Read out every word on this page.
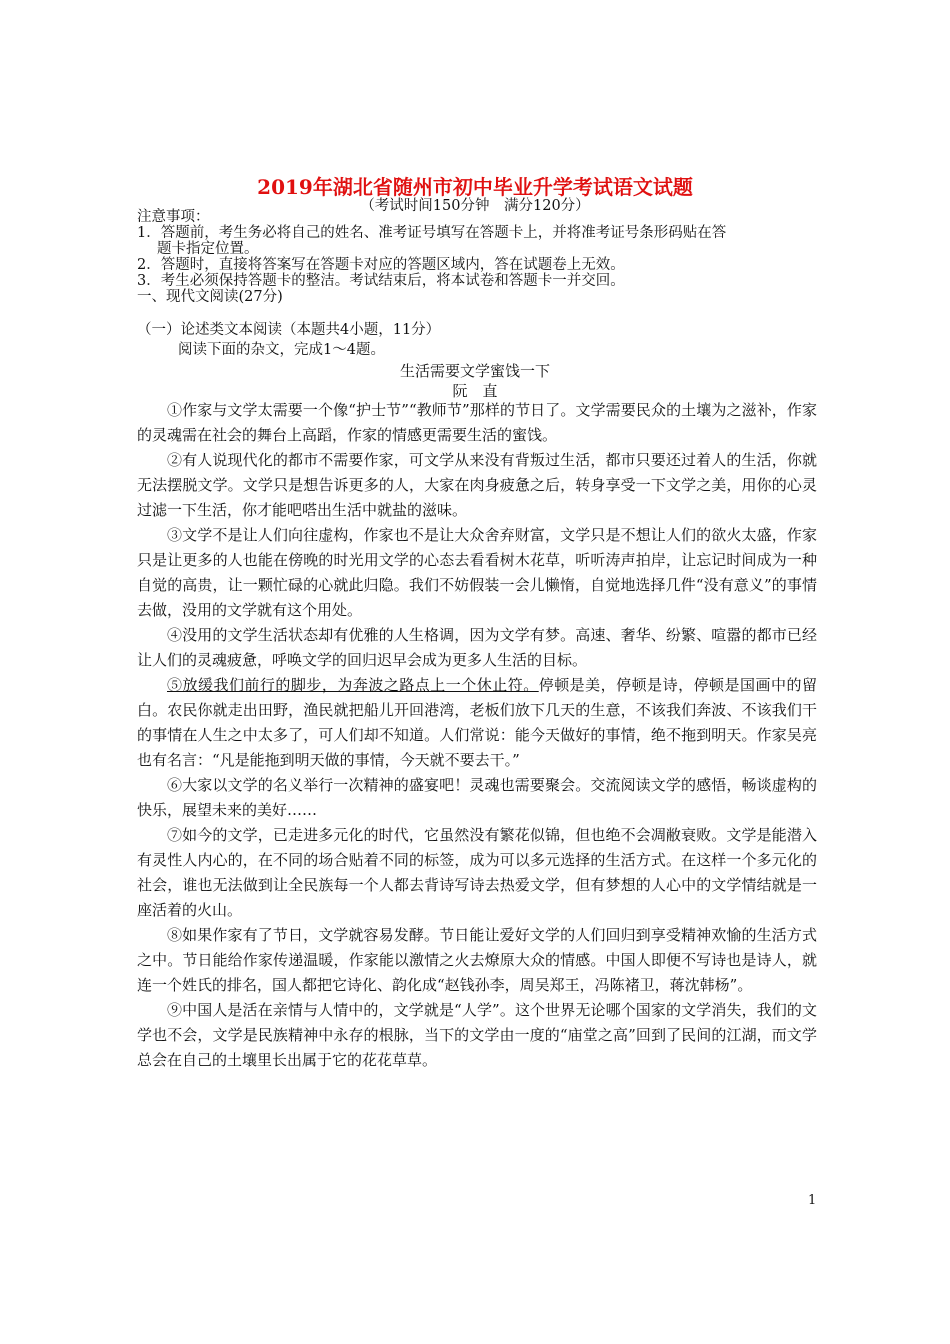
2019年湖北省随州市初中毕业升学考试语文试题
（考试时间150分钟　满分120分）
注意事项：
1．答题前，考生务必将自己的姓名、准考证号填写在答题卡上，并将准考证号条形码贴在答
题卡指定位置。
2．答题时，直接将答案写在答题卡对应的答题区域内，答在试题卷上无效。
3．考生必须保持答题卡的整洁。考试结束后，将本试卷和答题卡一并交回。
一、现代文阅读(27分)
（一）论述类文本阅读（本题共4小题，11分）
阅读下面的杂文，完成1～4题。
生活需要文学蜜饯一下
阮　直

①作家与文学太需要一个像“护士节”“教师节”那样的节日了。文学需要民众的土壤为之滋补，作家的灵魂需在社会的舞台上高蹈，作家的情感更需要生活的蜜饯。

②有人说现代化的都市不需要作家，可文学从来没有背叛过生活，都市只要还过着人的生活，你就无法摆脱文学。文学只是想告诉更多的人，大家在肉身疲惫之后，转身享受一下文学之美，用你的心灵过滤一下生活，你才能吧嗒出生活中就盐的滋味。

③文学不是让人们向往虚构，作家也不是让大众舍弃财富，文学只是不想让人们的欲火太盛，作家只是让更多的人也能在傍晚的时光用文学的心态去看看树木花草，听听涛声拍岸，让忘记时间成为一种自觉的高贵，让一颗忙碌的心就此归隐。我们不妨假装一会儿懒惰，自觉地选择几件“没有意义”的事情去做，没用的文学就有这个用处。

④没用的文学生活状态却有优雅的人生格调，因为文学有梦。高速、奢华、纷繁、喧嚣的都市已经让人们的灵魂疲惫，呼唤文学的回归迟早会成为更多人生活的目标。

⑤放缓我们前行的脚步，为奔波之路点上一个休止符。停顿是美，停顿是诗，停顿是国画中的留白。农民你就走出田野，渔民就把船儿开回港湾，老板们放下几天的生意，不该我们奔波、不该我们干的事情在人生之中太多了，可人们却不知道。人们常说：能今天做好的事情，绝不拖到明天。作家吴亮也有名言：“凡是能拖到明天做的事情，今天就不要去干。”

⑥大家以文学的名义举行一次精神的盛宴吧！灵魂也需要聚会。交流阅读文学的感悟，畅谈虚构的快乐，展望未来的美好……

⑦如今的文学，已走进多元化的时代，它虽然没有繁花似锦，但也绝不会凋敝衰败。文学是能潜入有灵性人内心的，在不同的场合贴着不同的标签，成为可以多元选择的生活方式。在这样一个多元化的社会，谁也无法做到让全民族每一个人都去背诗写诗去热爱文学，但有梦想的人心中的文学情结就是一座活着的火山。

⑧如果作家有了节日，文学就容易发酵。节日能让爱好文学的人们回归到享受精神欢愉的生活方式之中。节日能给作家传递温暖，作家能以激情之火去燎原大众的情感。中国人即便不写诗也是诗人，就连一个姓氏的排名，国人都把它诗化、韵化成“赵钱孙李，周吴郑王，冯陈褚卫，蒋沈韩杨”。

⑨中国人是活在亲情与人情中的，文学就是“人学”。这个世界无论哪个国家的文学消失，我们的文学也不会，文学是民族精神中永存的根脉，当下的文学由一度的“庙堂之高”回到了民间的江湖，而文学总会在自己的土壤里长出属于它的花花草草。

1
